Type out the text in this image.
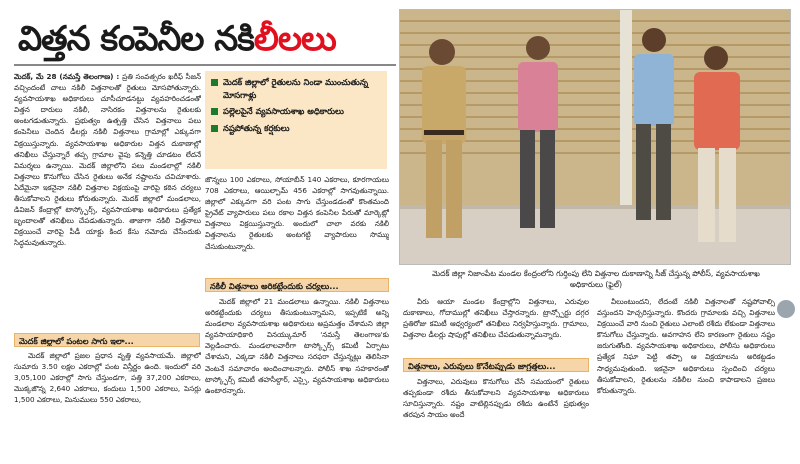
విత్తన కంపెనీల నకిలీలలు
మెదక్, మే 28 (నమస్తే తెలంగాణ) : ప్రతి సంవత్సరం ఖరీఫ్ సీజన్ వచ్చిందంటే చాలు నకిలీ విత్తనాలతో రైతులు మోసపోతున్నారు. వ్యవసాయశాఖ అధికారులు చూసీచూడనట్టు వ్యవహరించడంతో విత్తన దారులు నకిలీ, నాసిరకం విత్తనాలను రైతులకు అంటగడుతున్నారు. ప్రభుత్వం ఉత్పత్తి చేసిన విత్తనాలు పలు కంపెనీలు చెందిన డీలర్లు నకిలీ విత్తనాలు గ్రామాల్లో ఎక్కువగా విక్రయిస్తున్నారు. వ్యవసాయశాఖ అధికారుల విత్తన దుకాణాల్లో తనిఖీలు చేస్తున్నారే తప్ప గ్రామాల వైపు కన్నెత్తి చూడటం లేదనే విమర్శలు ఉన్నాయి. మెదక్ జిల్లాలోని పలు మండలాల్లో నకిలీ విత్తనాలు కొనుగోలు చేసిన రైతులు అనేక నష్టాలను చవిచూశారు. ఏదేమైనా ఇకనైనా నకిలీ విత్తనాల విక్రయంపై వారిపై కఠిన చర్యలు తీసుకోవాలని రైతులు కోరుతున్నారు. మెదక్ జిల్లాలో మండలాలు, డివిజన్ కేంద్రాల్లో టాస్క్ఫోర్స్, వ్యవసాయశాఖ అధికారులు ప్రత్యేక బృందాలతో తనిఖీలు చేపడుతున్నారు. తాజాగా నకిలీ విత్తనాలు విక్రయించే వారిపై పీడీ యాక్టు కింద కేసు నమోదు చేసేందుకు సిద్ధమవుతున్నారు.
మెదక్ జిల్లాలో రైతులను నిండా ముంచుతున్న మోసగాళ్లు
పల్లెలపైనే వ్యవసాయశాఖ అధికారులు
నష్టపోతున్న కర్షకులు
జొన్నలు 100 ఎకరాలు, సోయాబీన్ 140 ఎకరాలు, కూరగాయలు 708 ఎకరాలు, ఆయిల్పామ్ 456 ఎకరాల్లో సాగవుతున్నాయి. జిల్లాలో ఎక్కువగా వరి పంట సాగు చేస్తుండడంతో కొంతమంది ప్రైవేట్ వ్యాపారులు పలు రకాల విత్తన కంపెనీల పేరుతో మార్కెట్లో విత్తనాలు విక్రయిస్తున్నారు. అందులో చాలా వరకు నకిలీ విత్తనాలను రైతులకు అంటగట్టి వ్యాపారులు సొమ్ము చేసుకుంటున్నారు.
మెదక్ జిల్లాలో పంటల సాగు ఇలా...
మెదక్ జిల్లాలో ప్రజల ప్రధాన వృత్తి వ్యవసాయమే. జిల్లాలో సుమారు 3.50 లక్షల ఎకరాల్లో పంట విస్తీర్ణం ఉంది. ఇందులో వరి 3,05,100 ఎకరాల్లో సాగు చేస్తుండగా, పత్తి 37,200 ఎకరాలు, మొక్కజొన్న 2,640 ఎకరాలు, కందులు 1,500 ఎకరాలు, పెసర్లు 1,500 ఎకరాలు, మినుములు 550 ఎకరాలు,
నకిలీ విత్తనాలు అరికట్టేందుకు చర్యలు...
మెదక్ జిల్లాలో 21 మండలాలు ఉన్నాయి. నకిలీ విత్తనాలు అరికట్టేందుకు చర్యలు తీసుకుంటున్నామని, ఇప్పటికే అన్ని మండలాల వ్యవసాయశాఖ అధికారులు అప్రమత్తం చేశామని జిల్లా వ్యవసాయాధికారి వినయ్కుమార్ 'నమస్తే తెలంగాణ'కు వెల్లడించారు. మండలాలవారీగా టాస్క్ఫోర్స్ కమిటీ ఏర్పాటు చేశామని, ఎక్కడా నకిలీ విత్తనాలు సరఫరా చేస్తున్నట్లు తెలిసినా వెంటనే సమాచారం అందించాలన్నారు. పోలీస్ శాఖ సహకారంతో టాస్క్ఫోర్స్ కమిటీ తహసీల్దార్, ఎస్సై, వ్యవసాయశాఖ అధికారులు ఉంటారన్నారు.
మెదక్ జిల్లా నిజాంపేట మండల కేంద్రంలోని గుర్తింపు లేని విత్తనాల దుకాణాన్ని సీజ్ చేస్తున్న పోలీస్, వ్యవసాయశాఖ అధికారులు (ఫైల్)
వీరు ఆయా మండల కేంద్రాల్లోని విత్తనాలు, ఎరువుల దుకాణాలు, గోదాముల్లో తనిఖీలు చేస్తారన్నారు. ట్రాన్స్పోర్టు దగ్గర ప్రతిరోజు కమిటీ ఆధ్వర్యంలో తనిఖీలు నిర్వహిస్తున్నారు. గ్రామాలు, విత్తనాల డీలర్లు షాపుల్లో తనిఖీలు చేపడుతున్నామన్నారు.
విత్తనాలు, ఎరువులు కొనేటప్పుడు జాగ్రత్తలు...
విత్తనాలు, ఎరువులు కొనుగోలు చేసే సమయంలో రైతులు తప్పకుండా రశీదు తీసుకోవాలని వ్యవసాయశాఖ అధికారులు సూచిస్తున్నారు. నష్టం వాటిల్లినప్పుడు రశీదు ఉంటేనే ప్రభుత్వం తరపున సాయం అందే
వీలుంటుందని, లేదంటే నకిలీ విత్తనాలతో నష్టపోవాల్సి వస్తుందని హెచ్చరిస్తున్నారు. కొందరు గ్రామాలకు వచ్చి విత్తనాలు విక్రయించే వారి నుంచి రైతులు ఎలాంటి రశీదు లేకుండా విత్తనాలు కొనుగోలు చేస్తున్నారు. అవగాహన లేని కారణంగా రైతులు నష్టం జరుగుతోంది. వ్యవసాయశాఖ అధికారులు, పోలీసు అధికారులు ప్రత్యేక నిఘా పెట్టి తప్పా ఆ విక్రయాలను అరికట్టడం సాధ్యమవుతుంది. ఇకనైనా అధికారులు స్పందించి చర్యలు తీసుకోవాలని, రైతులను నకిలీల నుంచి కాపాడాలని ప్రజలు కోరుతున్నారు.
